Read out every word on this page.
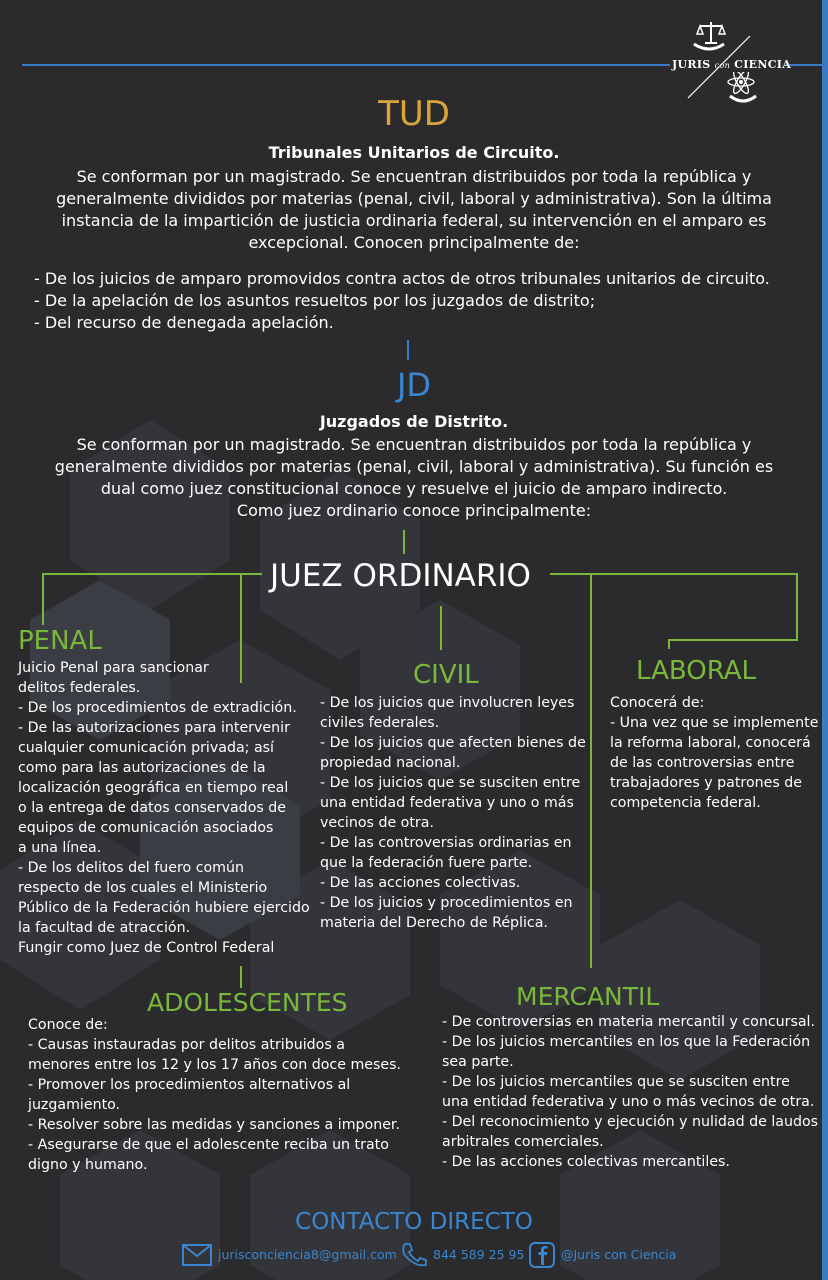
JURIS con CIENCIA
TUD
Tribunales Unitarios de Circuito.
Se conforman por un magistrado. Se encuentran distribuidos por toda la república y
generalmente divididos por materias (penal, civil, laboral y administrativa). Son la última
instancia de la impartición de justicia ordinaria federal, su intervención en el amparo es
excepcional. Conocen principalmente de:
- De los juicios de amparo promovidos contra actos de otros tribunales unitarios de circuito.
- De la apelación de los asuntos resueltos por los juzgados de distrito;
- Del recurso de denegada apelación.
JD
Juzgados de Distrito.
Se conforman por un magistrado. Se encuentran distribuidos por toda la república y
generalmente divididos por materias (penal, civil, laboral y administrativa). Su función es
dual como juez constitucional conoce y resuelve el juicio de amparo indirecto.
Como juez ordinario conoce principalmente:
JUEZ ORDINARIO
PENAL
Juicio Penal para sancionar
delitos federales.
- De los procedimientos de extradición.
- De las autorizaciones para intervenir
cualquier comunicación privada; así
como para las autorizaciones de la
localización geográfica en tiempo real
o la entrega de datos conservados de
equipos de comunicación asociados
a una línea.
- De los delitos del fuero común
respecto de los cuales el Ministerio
Público de la Federación hubiere ejercido
la facultad de atracción.
Fungir como Juez de Control Federal
CIVIL
- De los juicios que involucren leyes
civiles federales.
- De los juicios que afecten bienes de
propiedad nacional.
- De los juicios que se susciten entre
una entidad federativa y uno o más
vecinos de otra.
- De las controversias ordinarias en
que la federación fuere parte.
- De las acciones colectivas.
- De los juicios y procedimientos en
materia del Derecho de Réplica.
LABORAL
Conocerá de:
- Una vez que se implemente
la reforma laboral, conocerá
de las controversias entre
trabajadores y patrones de
competencia federal.
ADOLESCENTES
Conoce de:
- Causas instauradas por delitos atribuidos a
menores entre los 12 y los 17 años con doce meses.
- Promover los procedimientos alternativos al
juzgamiento.
- Resolver sobre las medidas y sanciones a imponer.
- Asegurarse de que el adolescente reciba un trato
digno y humano.
MERCANTIL
- De controversias en materia mercantil y concursal.
- De los juicios mercantiles en los que la Federación
sea parte.
- De los juicios mercantiles que se susciten entre
una entidad federativa y uno o más vecinos de otra.
- Del reconocimiento y ejecución y nulidad de laudos
arbitrales comerciales.
- De las acciones colectivas mercantiles.
CONTACTO DIRECTO
jurisconciencia8@gmail.com	844 589 25 95	@Juris con Ciencia
